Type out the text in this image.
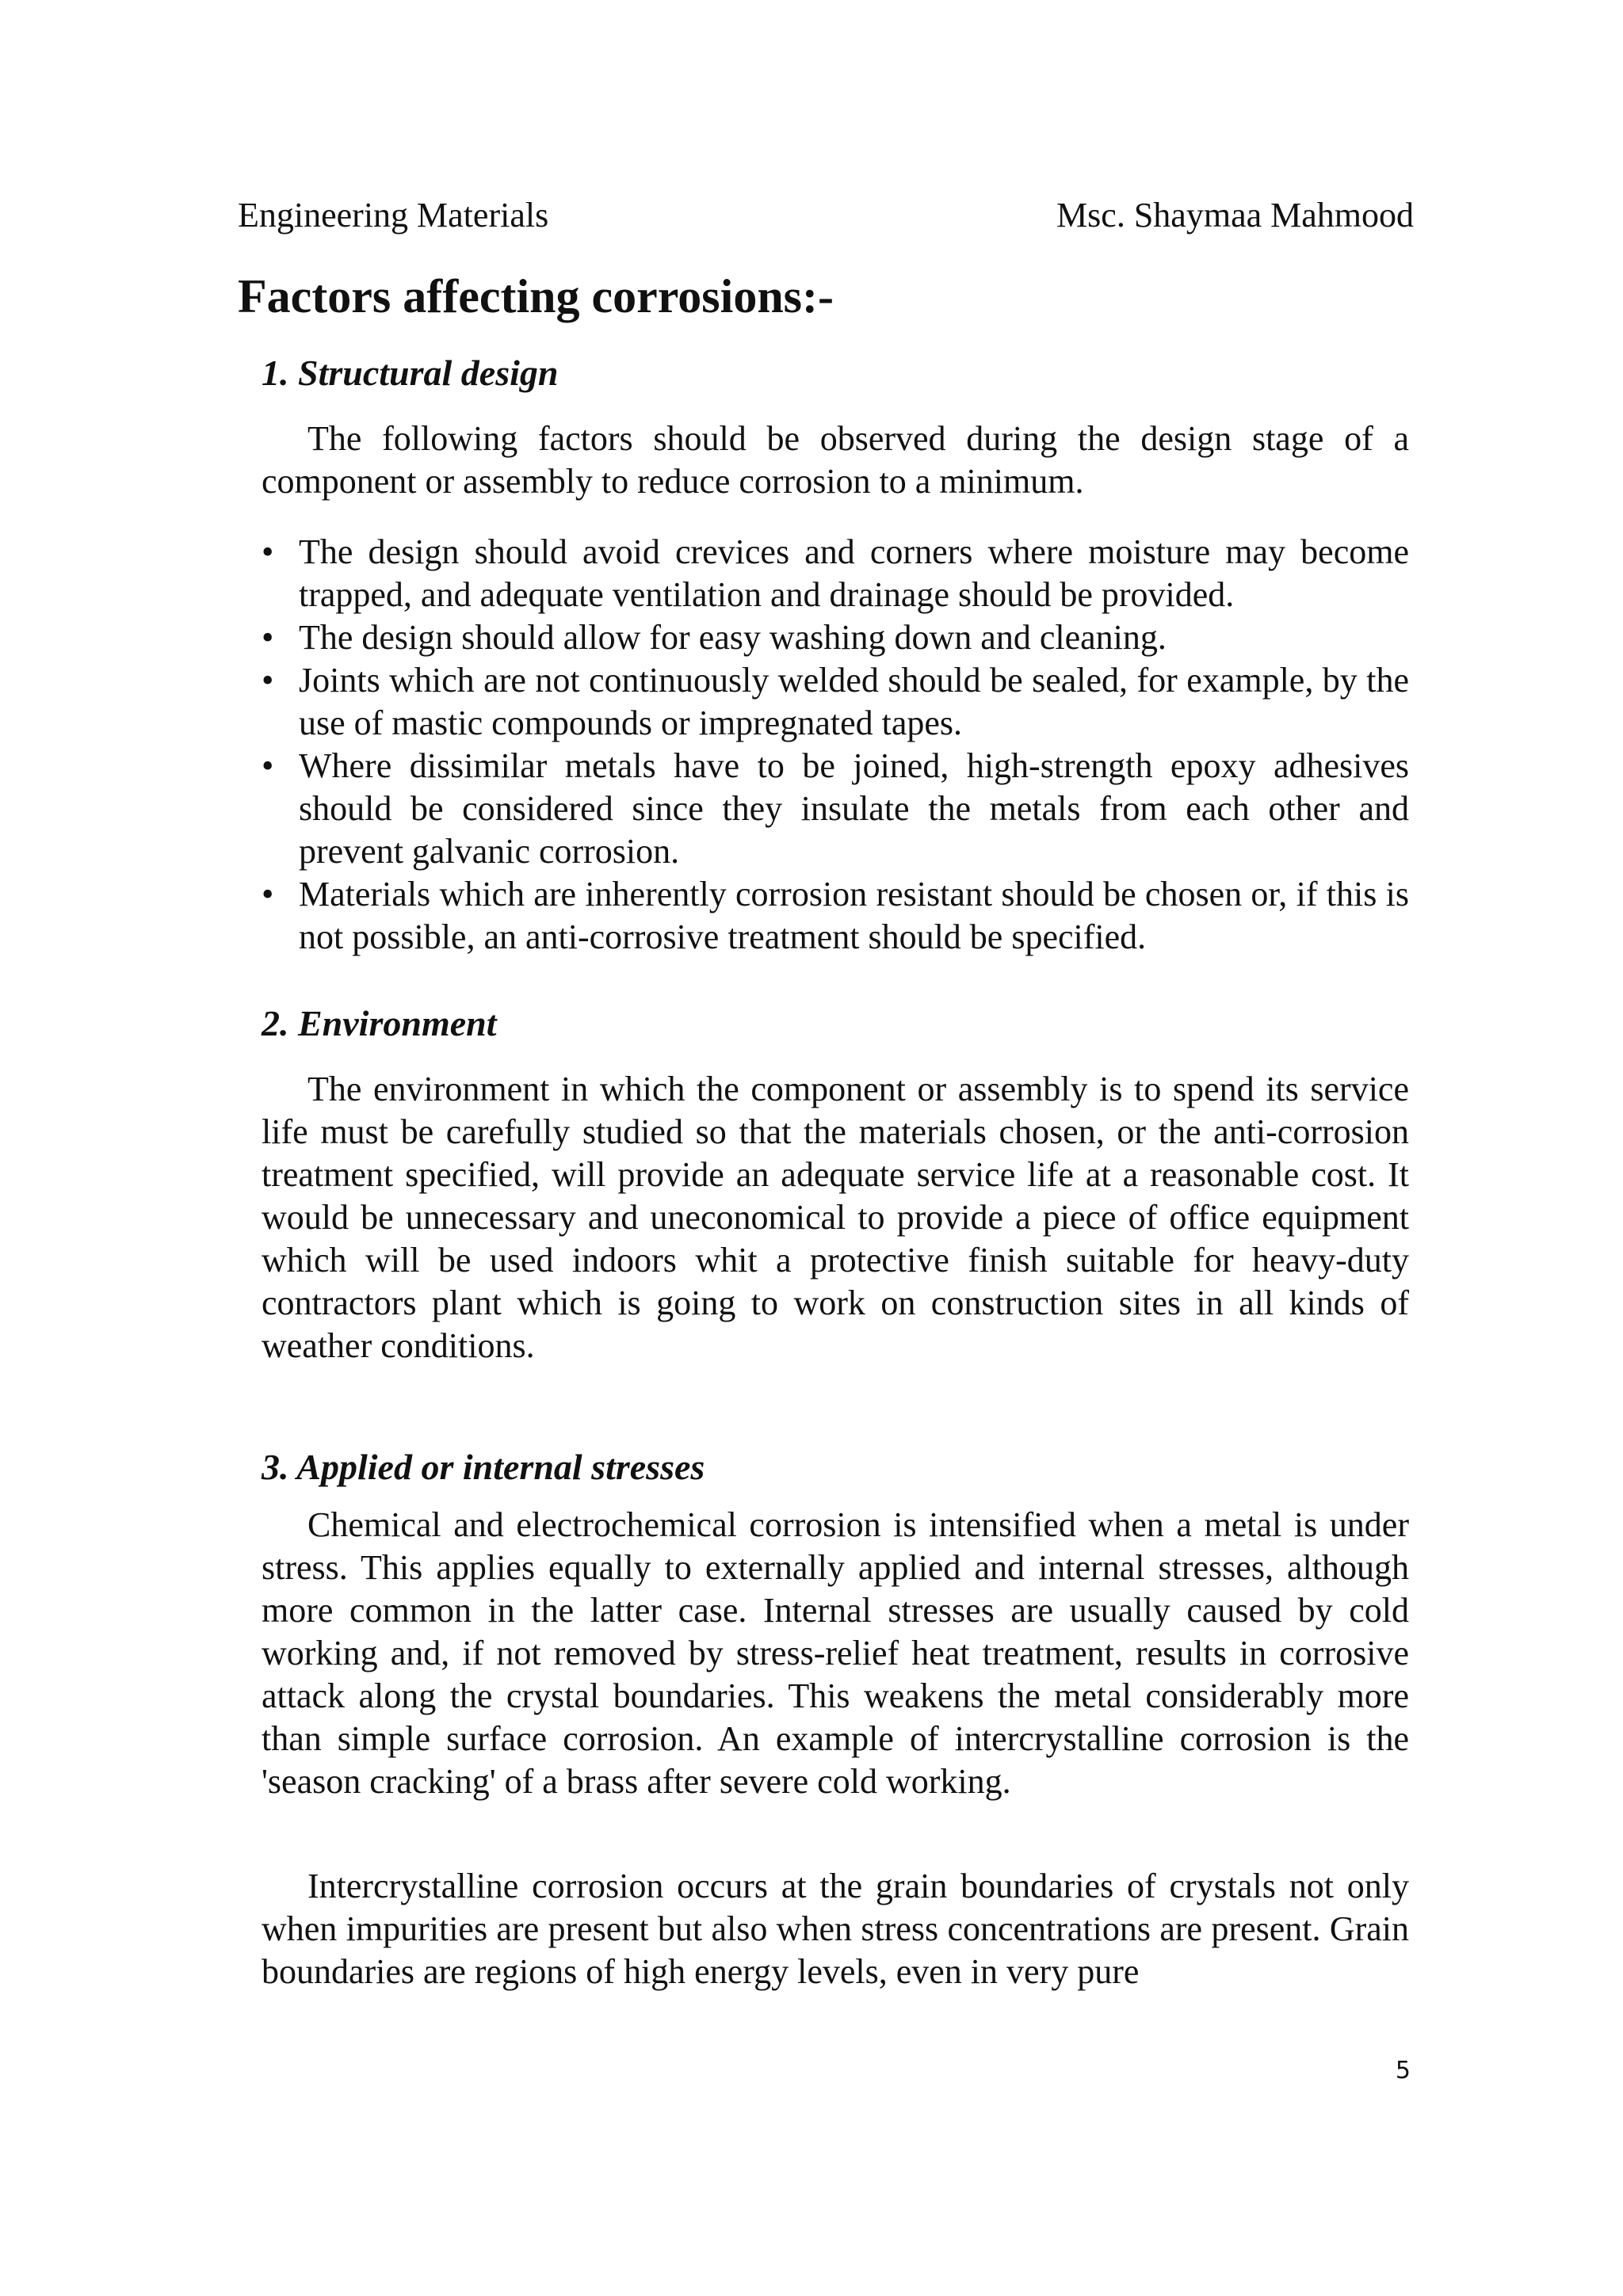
Engineering Materials	Msc. Shaymaa Mahmood
Factors affecting corrosions:-
1. Structural design

The following factors should be observed during the design stage of a component or assembly to reduce corrosion to a minimum.

• The design should avoid crevices and corners where moisture may become trapped, and adequate ventilation and drainage should be provided.
• The design should allow for easy washing down and cleaning.
• Joints which are not continuously welded should be sealed, for example, by the use of mastic compounds or impregnated tapes.
• Where dissimilar metals have to be joined, high-strength epoxy adhesives should be considered since they insulate the metals from each other and prevent galvanic corrosion.
• Materials which are inherently corrosion resistant should be chosen or, if this is not possible, an anti-corrosive treatment should be specified.
2. Environment

The environment in which the component or assembly is to spend its service life must be carefully studied so that the materials chosen, or the anti-corrosion treatment specified, will provide an adequate service life at a reasonable cost. It would be unnecessary and uneconomical to provide a piece of office equipment which will be used indoors whit a protective finish suitable for heavy-duty contractors plant which is going to work on construction sites in all kinds of weather conditions.

3. Applied or internal stresses

Chemical and electrochemical corrosion is intensified when a metal is under stress. This applies equally to externally applied and internal stresses, although more common in the latter case. Internal stresses are usually caused by cold working and, if not removed by stress-relief heat treatment, results in corrosive attack along the crystal boundaries. This weakens the metal considerably more than simple surface corrosion. An example of intercrystalline corrosion is the 'season cracking' of a brass after severe cold working.

Intercrystalline corrosion occurs at the grain boundaries of crystals not only when impurities are present but also when stress concentrations are present. Grain boundaries are regions of high energy levels, even in very pure

5
